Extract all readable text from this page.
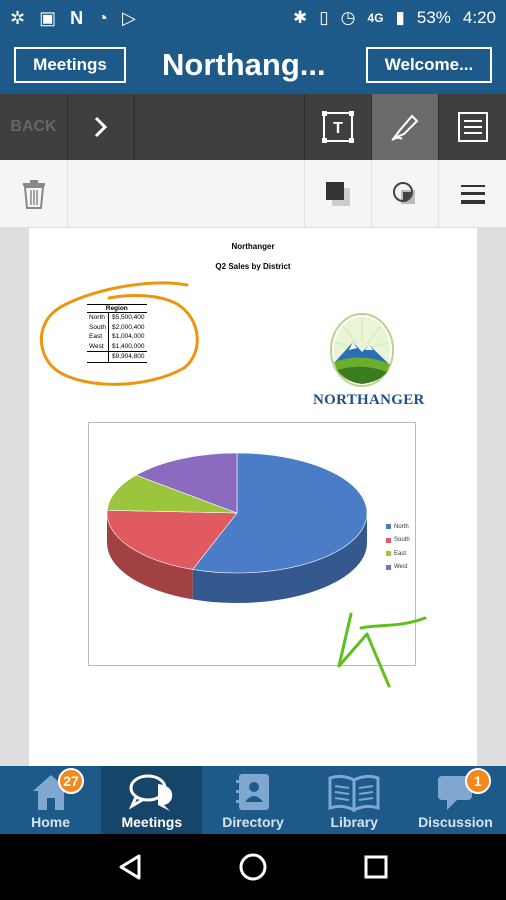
✲ ▣ N ◔ ▷	✱ ▯ ◷ 4G ▮ 53% 4:20
Meetings	Northang...	Welcome...
BACK	T
Northanger
Q2 Sales by District
Region	
North	$5,500,400
South	$2,000,400
East	$1,004,000
West	$1,400,000
	$9,904,800
NORTHANGER
North
South
East
West
Home
27
Meetings	Directory	Library	Discussion
1
